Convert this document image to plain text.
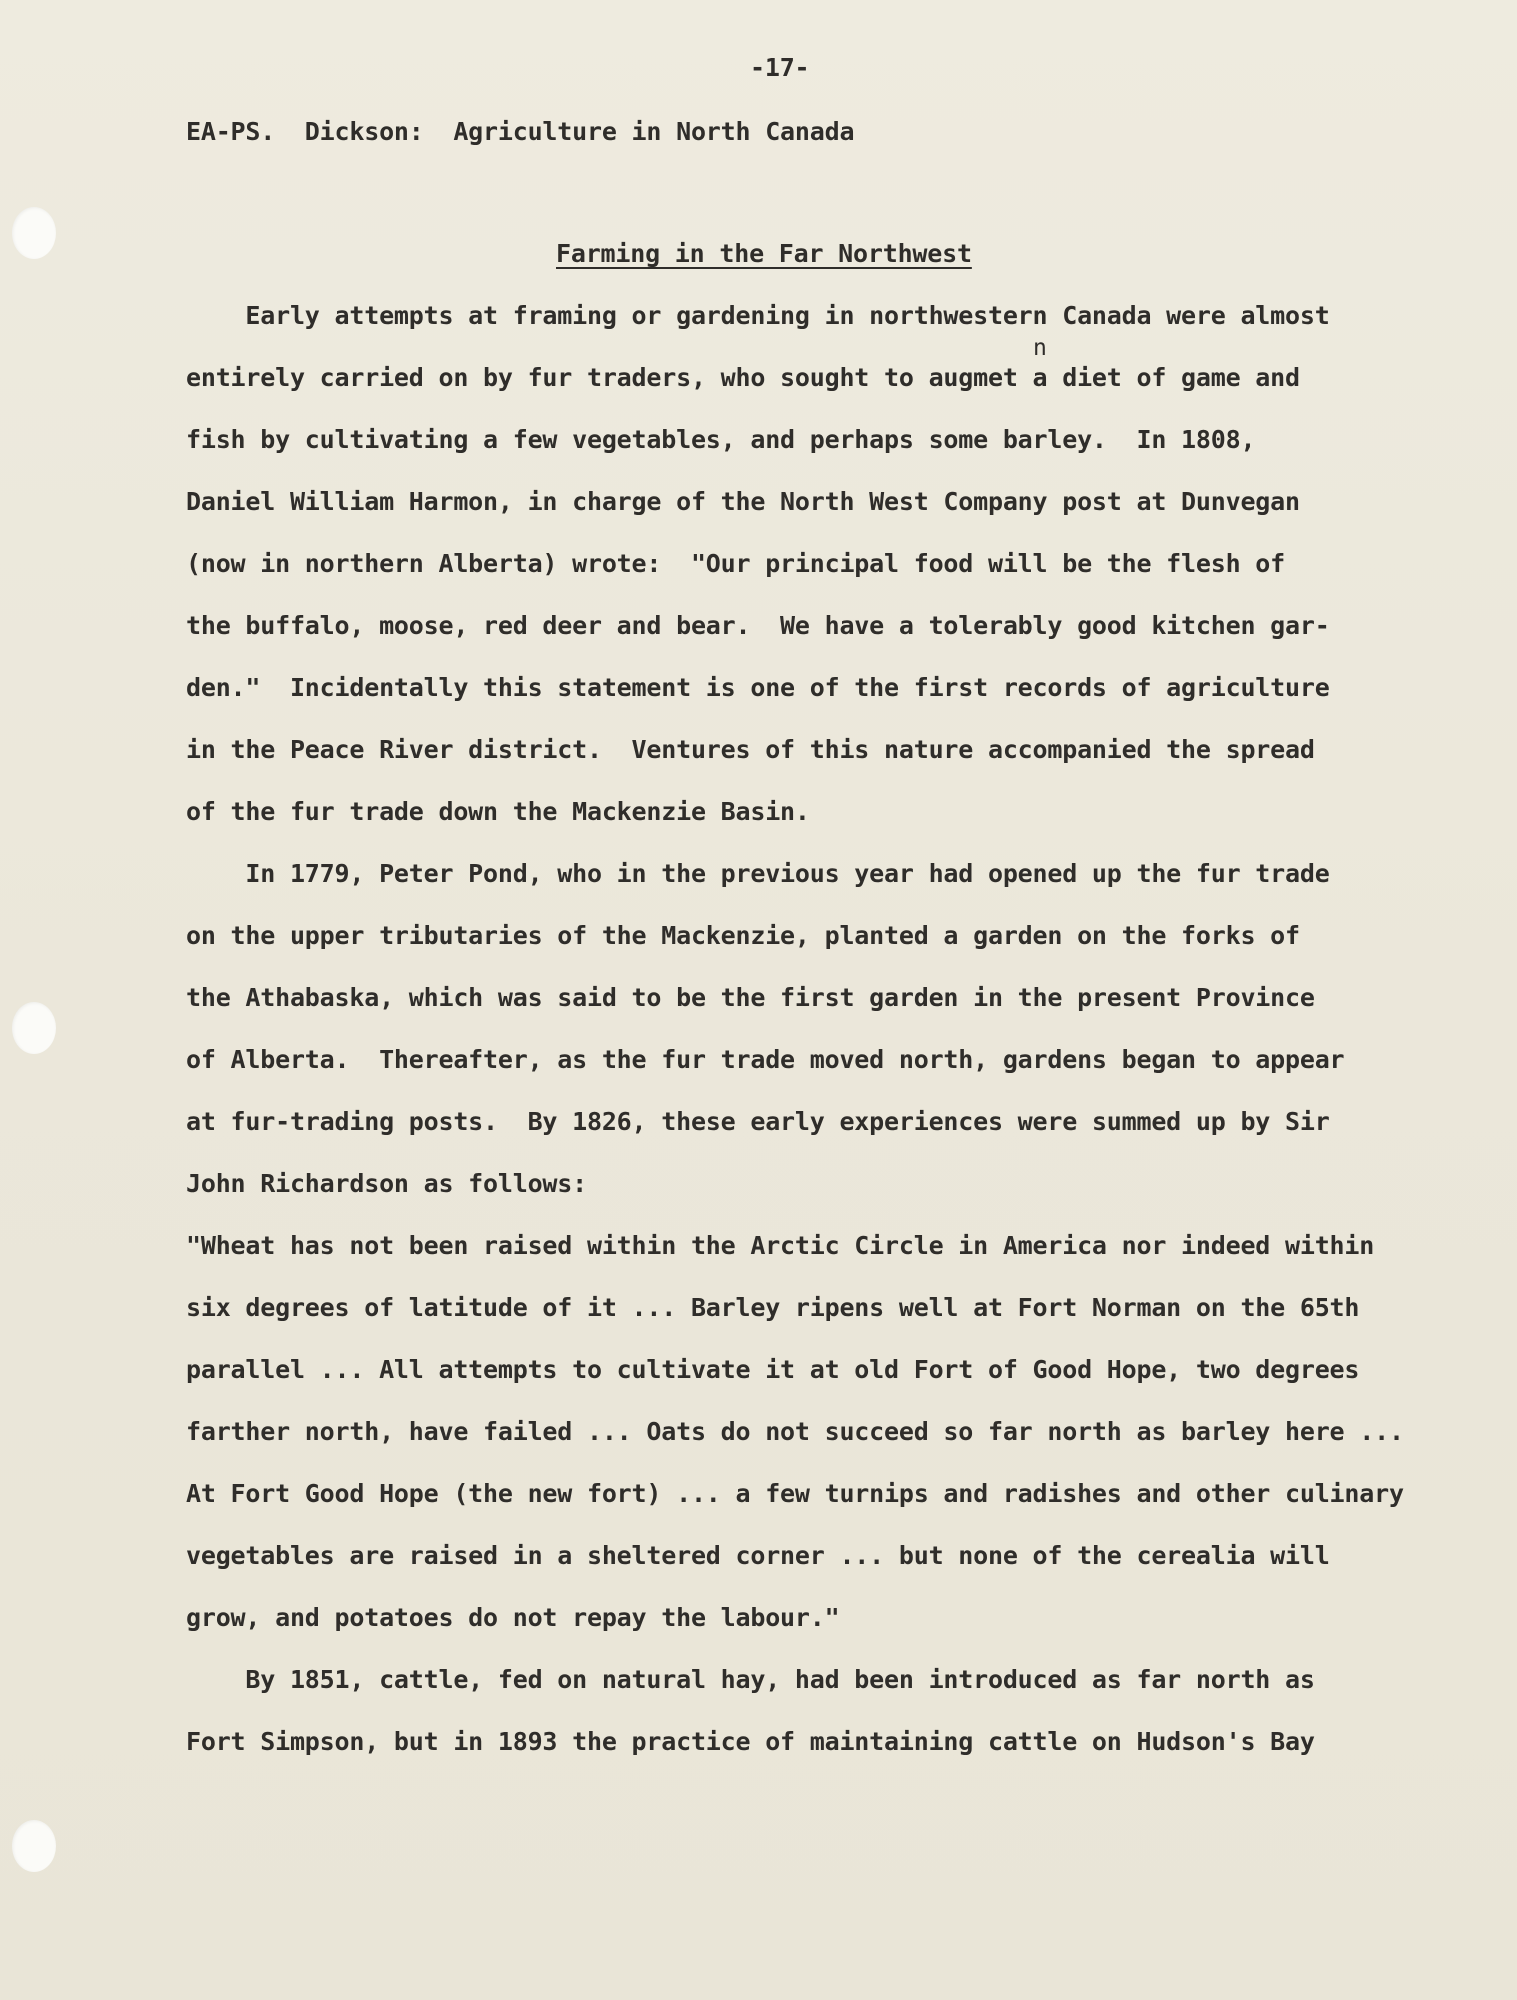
-17-

EA-PS.  Dickson:  Agriculture in North Canada

Farming in the Far Northwest

n

Early attempts at framing or gardening in northwestern Canada were almost

entirely carried on by fur traders, who sought to augmet a diet of game and

fish by cultivating a few vegetables, and perhaps some barley.  In 1808,

Daniel William Harmon, in charge of the North West Company post at Dunvegan

(now in northern Alberta) wrote:  "Our principal food will be the flesh of

the buffalo, moose, red deer and bear.  We have a tolerably good kitchen gar-

den."  Incidentally this statement is one of the first records of agriculture

in the Peace River district.  Ventures of this nature accompanied the spread

of the fur trade down the Mackenzie Basin.

In 1779, Peter Pond, who in the previous year had opened up the fur trade

on the upper tributaries of the Mackenzie, planted a garden on the forks of

the Athabaska, which was said to be the first garden in the present Province

of Alberta.  Thereafter, as the fur trade moved north, gardens began to appear

at fur-trading posts.  By 1826, these early experiences were summed up by Sir

John Richardson as follows:

"Wheat has not been raised within the Arctic Circle in America nor indeed within

six degrees of latitude of it ... Barley ripens well at Fort Norman on the 65th

parallel ... All attempts to cultivate it at old Fort of Good Hope, two degrees

farther north, have failed ... Oats do not succeed so far north as barley here ...

At Fort Good Hope (the new fort) ... a few turnips and radishes and other culinary

vegetables are raised in a sheltered corner ... but none of the cerealia will

grow, and potatoes do not repay the labour."

By 1851, cattle, fed on natural hay, had been introduced as far north as

Fort Simpson, but in 1893 the practice of maintaining cattle on Hudson's Bay
